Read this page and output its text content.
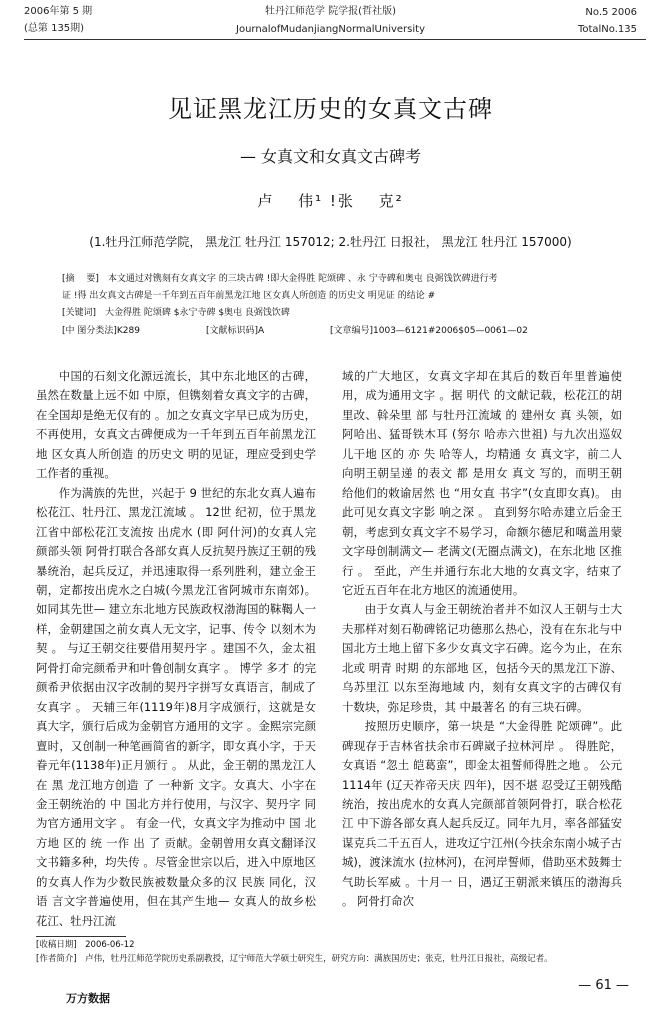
2006年第 5 期
(总第 135期)
牡丹江师范学 院学报(哲社版)
JournalofMudanjiangNormalUniversity
No.5 2006
TotalNo.135
见证黑龙江历史的女真文古碑
— 女真文和女真文古碑考
卢　 伟¹ !张　 克²
(1.牡丹江师范学院， 黑龙江 牡丹江 157012; 2.牡丹江 日报社， 黑龙江 牡丹江 157000)
[摘　 要]　本文通过对镌刻有女真文字 的三块古碑 !即大金得胜 陀颂碑 、永 宁寺碑和奥屯 良弼饯饮碑进行考
证 !得 出女真文古碑是一千年到五百年前黑龙江地 区女真人所创造 的历史文 明见证 的结论 #
[关键词]　大金得胜 陀颂碑 $永宁寺碑 $奥屯 良弼饯饮碑
[中 图分类法]K289	[文献标识码]A	[文章编号]1003—6121#2006$05—0061—02

中国的石刻文化源远流长，其中东北地区的古碑，虽然在数量上远不如 中原，但镌刻着女真文字的古碑，在全国却是绝无仅有的 。加之女真文字早已成为历史，不再使用，女真文古碑便成为一千年到五百年前黑龙江地 区女真人所创造 的历史文 明的见证，理应受到史学工作者的重视。

作为满族的先世，兴起于 9 世纪的东北女真人遍布松花江、牡丹江、黑龙江流域 。 12世 纪初，位于黑龙江省中部松花江支流按 出虎水 (即 阿什河)的女真人完颜部头领 阿骨打联合各部女真人反抗契丹族辽王朝的残暴统治，起兵反辽，并迅速取得一系列胜利，建立金王朝，定都按出虎水之白城(今黑龙江省阿城市东南郊)。 如同其先世— 建立东北地方民族政权渤海国的靺鞨人一样，金朝建国之前女真人无文字，记事、传令 以刻木为契 。 与辽王朝交往要借用契丹字 。建国不久，金太祖阿骨打命完颜希尹和叶鲁创制女真字 。 博学 多才 的完颜希尹依据由汉字改制的契丹字拼写女真语言，制成了女真字 。 天辅三年(1119年)8月字成颁行，这就是女真大字，颁行后成为金朝官方通用的文字 。金熙宗完颜亶时，又创制一种笔画简省的新字，即女真小字，于天眷元年(1138年)正月颁行 。 从此，金王朝的黑龙江人在 黑 龙江地方创造 了 一种新 文字。女真大、小字在金王朝统治的 中 国北方并行使用，与汉字、契丹字 同为官方通用文字 。 有金一代，女真文字为推动中 国 北方地 区的 统 一作 出 了 贡献。金朝曾用女真文翻译汉文书籍多种，均失传 。尽管金世宗以后，进入中原地区的女真人作为少数民族被数量众多的汉 民族 同化，汉语 言文字普遍使用，但在其产生地— 女真人的故乡松花江、牡丹江流

域的广大地区，女真文字却在其后的数百年里普遍使用，成为通用文字 。据 明代 的文献记载，松花江的胡里改、斡朵里 部 与牡丹江流域 的 建州女 真 头领，如阿哈出、猛哥铁木耳 (努尔 哈赤六世祖) 与九次出巡奴儿干地 区的 亦 失 哈等人，均精通 女 真文字，前二人 向明王朝呈递 的表文 都 是用女 真文 写的，而明王朝给他们的敕谕居然 也 “用女直 书字”(女直即女真)。 由此可见女真文字影 响之深 。 直到努尔哈赤建立后金王朝，考虑到女真文字不易学习，命额尔德尼和噶盖用蒙文字母创制满文— 老满文(无圈点满文)，在东北地 区推行 。 至此，产生并通行东北大地的女真文字，结束了它近五百年在北方地区的流通使用。

由于女真人与金王朝统治者并不如汉人王朝与士大夫那样对刻石勒碑铭记功德那么热心，没有在东北与中国北方土地上留下多少女真文字石碑。迄今为止，在东北或 明青 时期 的东部地 区，包括今天的黑龙江下游、乌苏里江 以东至海地域 内，刻有女真文字的古碑仅有十数块，弥足珍贵，其 中最著名 的有三块石碑。

按照历史顺序，第一块是 “大金得胜 陀颂碑”。此碑现存于吉林省扶余市石碑崴子拉林河岸 。 得胜陀，女真语 “忽土 皑葛蛮”，即金太祖誓师得胜之地 。 公元 1114年 (辽天祚帝天庆 四年)，因不堪 忍受辽王朝残酷统治，按出虎水的女真人完颜部首领阿骨打，联合松花江 中下游各部女真人起兵反辽。同年九月，率各部猛安谋克兵二千五百人，进攻辽宁江州(今扶余东南小城子古城)，渡涞流水 (拉林河)，在河岸誓师，借助巫术鼓舞士气助长军威 。十月一 日，遇辽王朝派来镇压的渤海兵 。 阿骨打命次

[收稿日期]　2006-06-12
[作者简介]　卢伟，牡丹江师范学院历史系副教授，辽宁师范大学硕士研究生，研究方向：满族国历史；张克，牡丹江日报社，高级记者。
— 61 —
万方数据
